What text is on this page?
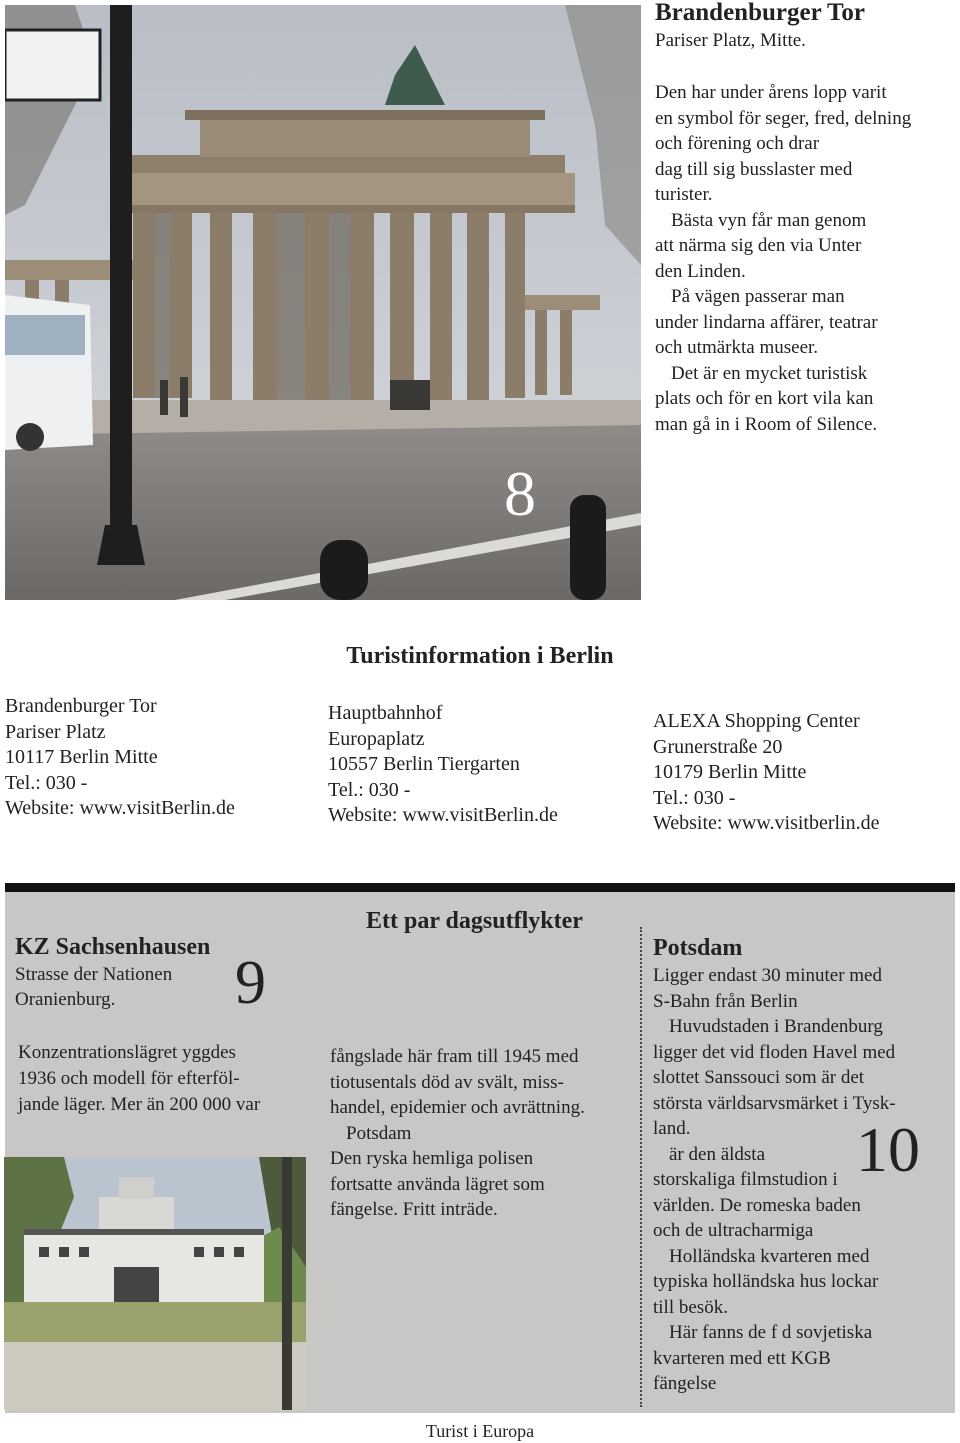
8
Brandenburger Tor
Pariser Platz, Mitte.
Den har under årens lopp varit
en symbol för seger, fred, delning
och förening och drar
dag till sig busslaster med
turister.
Bästa vyn får man genom
att närma sig den via Unter
den Linden.
På vägen passerar man
under lindarna affärer, teatrar
och utmärkta museer.
Det är en mycket turistisk
plats och för en kort vila kan
man gå in i Room of Silence.
Turistinformation i Berlin
Brandenburger Tor
Pariser Platz
10117 Berlin Mitte
Tel.: 030 -
Website: www.visitBerlin.de
Hauptbahnhof
Europaplatz
10557 Berlin Tiergarten
Tel.: 030 -
Website: www.visitBerlin.de
ALEXA Shopping Center
Grunerstraße 20
10179 Berlin Mitte
Tel.: 030 -
Website: www.visitberlin.de
KZ Sachsenhausen
Strasse der Nationen
Oranienburg.	9
Konzentrationslägret yggdes
1936 och modell för efterföl-
jande läger. Mer än 200 000 var
Ett par dagsutflykter
fångslade här fram till 1945 med
tiotusentals död av svält, miss-
handel, epidemier och avrättning.
Potsdam
Den ryska hemliga polisen
fortsatte använda lägret som
fängelse. Fritt inträde.
Potsdam
Ligger endast 30 minuter med
S-Bahn från Berlin
Huvudstaden i Brandenburg
ligger det vid floden Havel med
slottet Sanssouci som är det
största världsarvsmärket i Tysk-
land.
är den äldsta
storskaliga filmstudion i
världen. De romeska baden
och de ultracharmiga
Holländska kvarteren med
typiska holländska hus lockar
till besök.
Här fanns de f d sovjetiska
kvarteren med ett KGB
fängelse
10
Turist i Europa
